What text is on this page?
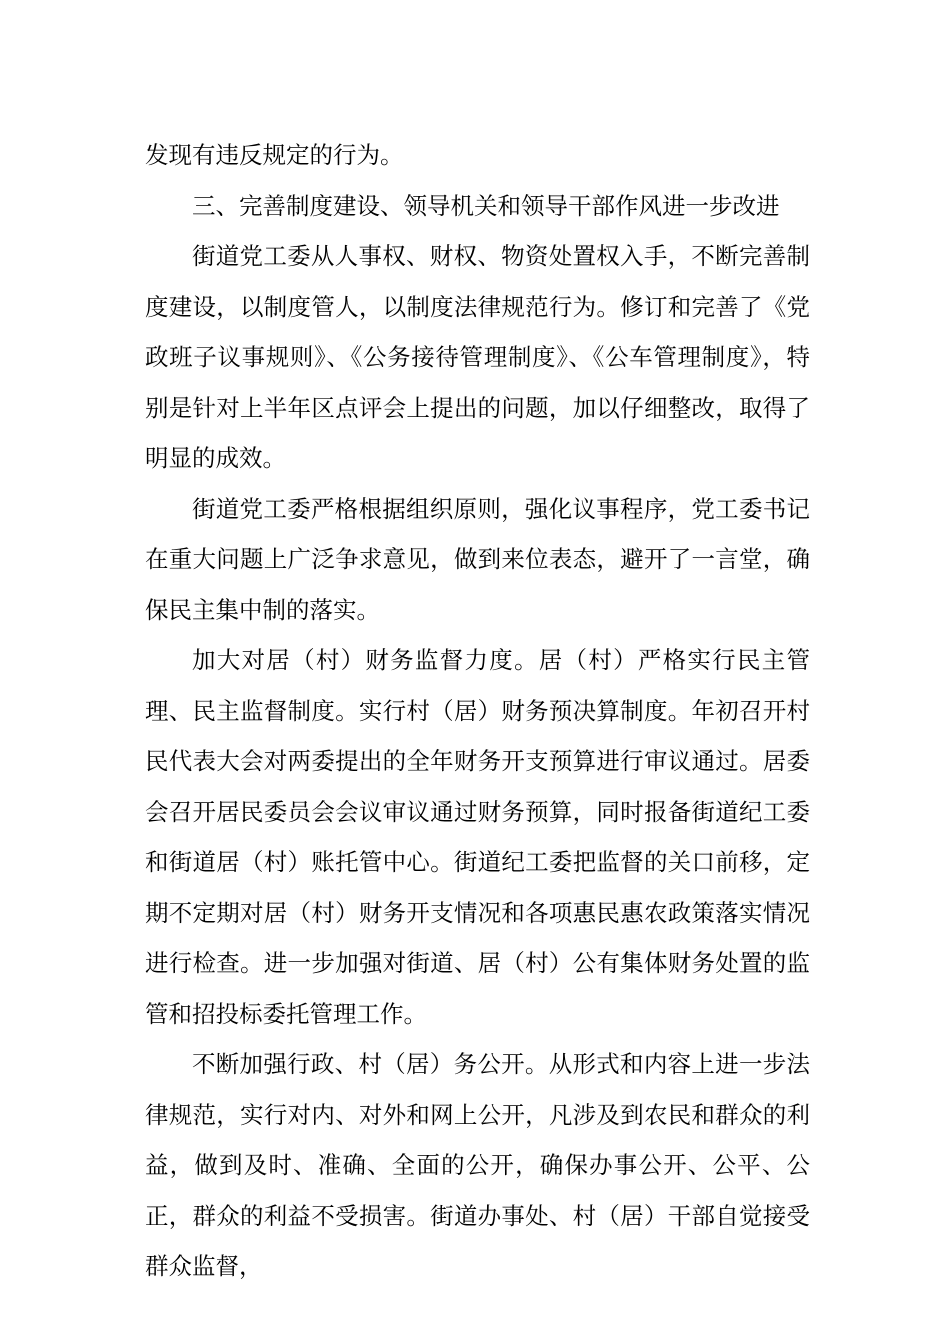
发现有违反规定的行为。

三、完善制度建设、领导机关和领导干部作风进一步改进

街道党工委从人事权、财权、物资处置权入手，不断完善制度建设，以制度管人，以制度法律规范行为。修订和完善了《党政班子议事规则》、《公务接待管理制度》、《公车管理制度》，特别是针对上半年区点评会上提出的问题，加以仔细整改，取得了明显的成效。

街道党工委严格根据组织原则，强化议事程序，党工委书记在重大问题上广泛争求意见，做到来位表态，避开了一言堂，确保民主集中制的落实。

加大对居（村）财务监督力度。居（村）严格实行民主管理、民主监督制度。实行村（居）财务预决算制度。年初召开村民代表大会对两委提出的全年财务开支预算进行审议通过。居委会召开居民委员会会议审议通过财务预算，同时报备街道纪工委和街道居（村）账托管中心。街道纪工委把监督的关口前移，定期不定期对居（村）财务开支情况和各项惠民惠农政策落实情况进行检查。进一步加强对街道、居（村）公有集体财务处置的监管和招投标委托管理工作。

不断加强行政、村（居）务公开。从形式和内容上进一步法律规范，实行对内、对外和网上公开，凡涉及到农民和群众的利益，做到及时、准确、全面的公开，确保办事公开、公平、公正，群众的利益不受损害。街道办事处、村（居）干部自觉接受群众监督，
